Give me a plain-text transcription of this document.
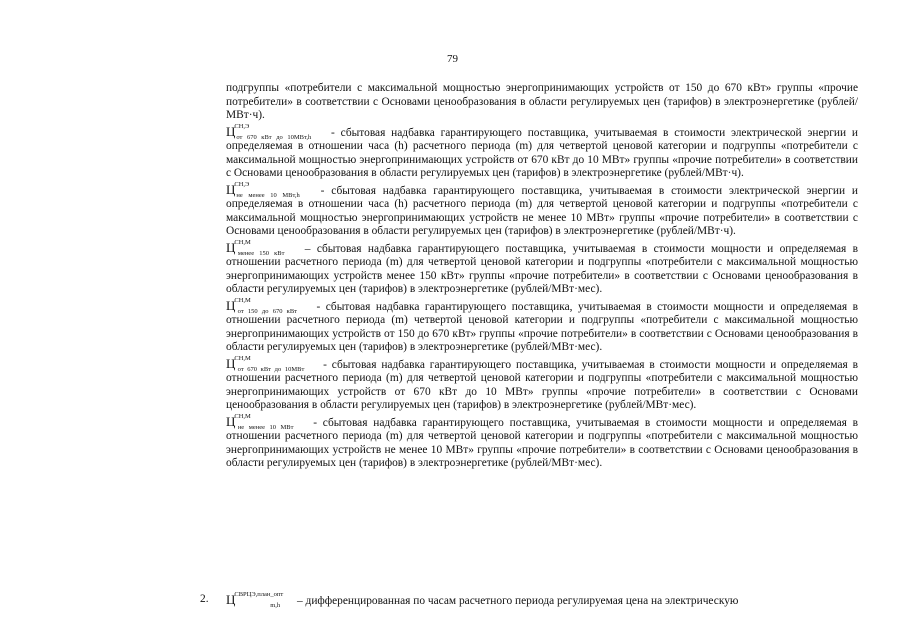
79

подгруппы «потребители с максимальной мощностью энергопринимающих устройств от 150 до 670 кВт» группы «прочие потребители» в соответствии с Основами ценообразования в области регулируемых цен (тарифов) в электроэнергетике (рублей/МВт·ч).

$Ц^{СН,Э}_{от 670 кВт до 10МВт,h}$ - сбытовая надбавка гарантирующего поставщика, учитываемая в стоимости электрической энергии и определяемая в отношении часа (h) расчетного периода (m) для четвертой ценовой категории и подгруппы «потребители с максимальной мощностью энергопринимающих устройств от 670 кВт до 10 МВт» группы «прочие потребители» в соответствии с Основами ценообразования в области регулируемых цен (тарифов) в электроэнергетике (рублей/МВт·ч).

$Ц^{СН,Э}_{не менее 10 МВт,h}$ - сбытовая надбавка гарантирующего поставщика, учитываемая в стоимости электрической энергии и определяемая в отношении часа (h) расчетного периода (m) для четвертой ценовой категории и подгруппы «потребители с максимальной мощностью энергопринимающих устройств не менее 10 МВт» группы «прочие потребители» в соответствии с Основами ценообразования в области регулируемых цен (тарифов) в электроэнергетике (рублей/МВт·ч).

$Ц^{СН,М}_{менее 150 кВт}$ – сбытовая надбавка гарантирующего поставщика, учитываемая в стоимости мощности и определяемая в отношении расчетного периода (m) для четвертой ценовой категории и подгруппы «потребители с максимальной мощностью энергопринимающих устройств менее 150 кВт» группы «прочие потребители» в соответствии с Основами ценообразования в области регулируемых цен (тарифов) в электроэнергетике (рублей/МВт·мес).

$Ц^{СН,М}_{от 150 до 670 кВт}$ - сбытовая надбавка гарантирующего поставщика, учитываемая в стоимости мощности и определяемая в отношении расчетного периода (m) четвертой ценовой категории и подгруппы «потребители с максимальной мощностью энергопринимающих устройств от 150 до 670 кВт» группы «прочие потребители» в соответствии с Основами ценообразования в области регулируемых цен (тарифов) в электроэнергетике (рублей/МВт·мес).

$Ц^{СН,М}_{от 670 кВт до 10МВт}$ - сбытовая надбавка гарантирующего поставщика, учитываемая в стоимости мощности и определяемая в отношении расчетного периода (m) для четвертой ценовой категории и подгруппы «потребители с максимальной мощностью энергопринимающих устройств от 670 кВт до 10 МВт» группы «прочие потребители» в соответствии с Основами ценообразования в области регулируемых цен (тарифов) в электроэнергетике (рублей/МВт·мес).

$Ц^{СН,М}_{не менее 10 МВт}$ - сбытовая надбавка гарантирующего поставщика, учитываемая в стоимости мощности и определяемая в отношении расчетного периода (m) для четвертой ценовой категории и подгруппы «потребители с максимальной мощностью энергопринимающих устройств не менее 10 МВт» группы «прочие потребители» в соответствии с Основами ценообразования в области регулируемых цен (тарифов) в электроэнергетике (рублей/МВт·мес).

2. $Ц^{СВРЦЭ,план\_опт}_{m,h}$ – дифференцированная по часам расчетного периода регулируемая цена на электрическую
